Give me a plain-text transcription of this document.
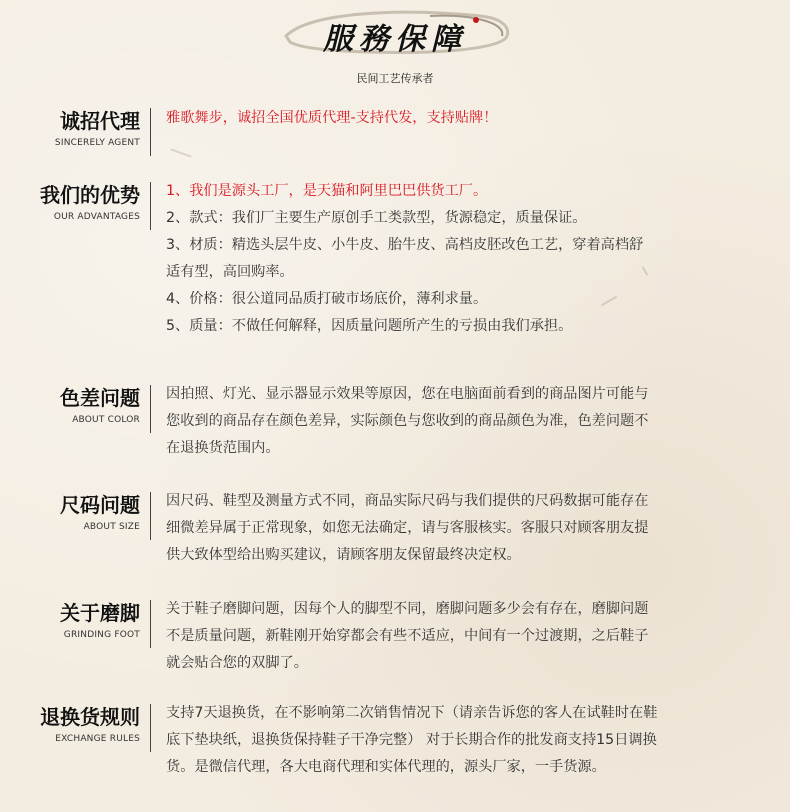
服務保障
民间工艺传承者
诚招代理
SINCERELY AGENT

雅歌舞步，诚招全国优质代理-支持代发，支持贴牌！

我们的优势
OUR ADVANTAGES

1、我们是源头工厂，是天猫和阿里巴巴供货工厂。

2、款式：我们厂主要生产原创手工类款型，货源稳定，质量保证。

3、材质：精选头层牛皮、小牛皮、胎牛皮、高档皮胚改色工艺，穿着高档舒

适有型，高回购率。

4、价格：很公道同品质打破市场底价，薄利求量。

5、质量：不做任何解释，因质量问题所产生的亏损由我们承担。

色差问题
ABOUT COLOR

因拍照、灯光、显示器显示效果等原因，您在电脑面前看到的商品图片可能与

您收到的商品存在颜色差异，实际颜色与您收到的商品颜色为准，色差问题不

在退换货范围内。

尺码问题
ABOUT SIZE

因尺码、鞋型及测量方式不同，商品实际尺码与我们提供的尺码数据可能存在

细微差异属于正常现象，如您无法确定，请与客服核实。客服只对顾客朋友提

供大致体型给出购买建议，请顾客朋友保留最终决定权。

关于磨脚
GRINDING FOOT

关于鞋子磨脚问题，因每个人的脚型不同，磨脚问题多少会有存在，磨脚问题

不是质量问题，新鞋刚开始穿都会有些不适应，中间有一个过渡期，之后鞋子

就会贴合您的双脚了。

退换货规则
EXCHANGE RULES

支持7天退换货，在不影响第二次销售情况下（请亲告诉您的客人在试鞋时在鞋

底下垫块纸，退换货保持鞋子干净完整） 对于长期合作的批发商支持15日调换

货。是微信代理，各大电商代理和实体代理的，源头厂家，一手货源。
